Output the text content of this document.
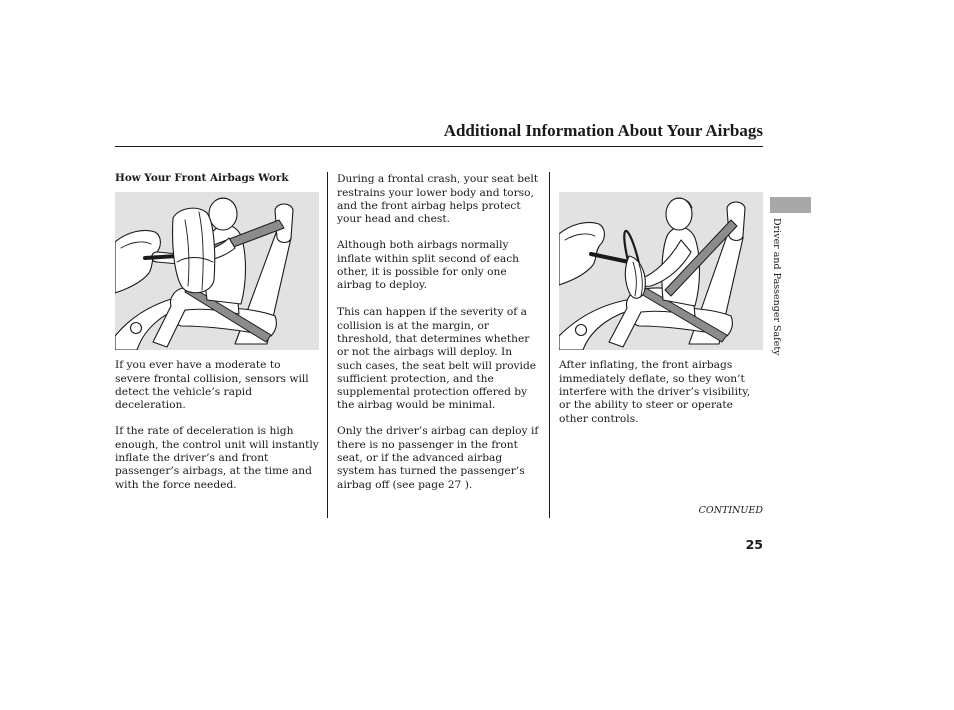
Additional Information About Your Airbags
Driver and Passenger Safety
How Your Front Airbags Work
If you ever have a moderate to
severe frontal collision, sensors will
detect the vehicle’s rapid
deceleration.
If the rate of deceleration is high
enough, the control unit will instantly
inflate the driver’s and front
passenger’s airbags, at the time and
with the force needed.
During a frontal crash, your seat belt
restrains your lower body and torso,
and the front airbag helps protect
your head and chest.
Although both airbags normally
inflate within split second of each
other, it is possible for only one
airbag to deploy.
This can happen if the severity of a
collision is at the margin, or
threshold, that determines whether
or not the airbags will deploy. In
such cases, the seat belt will provide
sufficient protection, and the
supplemental protection offered by
the airbag would be minimal.
Only the driver’s airbag can deploy if
there is no passenger in the front
seat, or if the advanced airbag
system has turned the passenger’s
airbag off (see page 27 ).
After inflating, the front airbags
immediately deflate, so they won’t
interfere with the driver’s visibility,
or the ability to steer or operate
other controls.
CONTINUED
25
